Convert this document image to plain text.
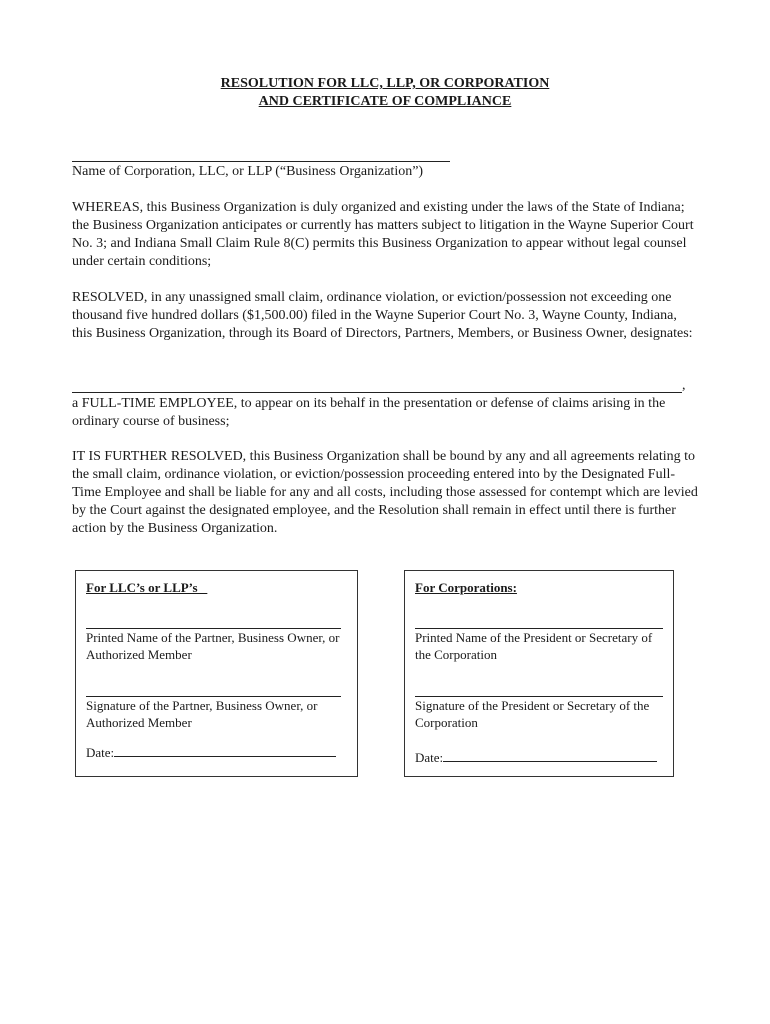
RESOLUTION FOR LLC, LLP, OR CORPORATION
AND CERTIFICATE OF COMPLIANCE
Name of Corporation, LLC, or LLP (“Business Organization”)
WHEREAS, this Business Organization is duly organized and existing under the laws of the State of Indiana; the Business Organization anticipates or currently has matters subject to litigation in the Wayne Superior Court No. 3; and Indiana Small Claim Rule 8(C) permits this Business Organization to appear without legal counsel under certain conditions;
RESOLVED, in any unassigned small claim, ordinance violation, or eviction/possession not exceeding one thousand five hundred dollars ($1,500.00) filed in the Wayne Superior Court No. 3, Wayne County, Indiana, this Business Organization, through its Board of Directors, Partners, Members, or Business Owner, designates:
,
a FULL-TIME EMPLOYEE, to appear on its behalf in the presentation or defense of claims arising in the ordinary course of business;
IT IS FURTHER RESOLVED, this Business Organization shall be bound by any and all agreements relating to the small claim, ordinance violation, or eviction/possession proceeding entered into by the Designated Full-Time Employee and shall be liable for any and all costs, including those assessed for contempt which are levied by the Court against the designated employee, and the Resolution shall remain in effect until there is further action by the Business Organization.
For LLC’s or LLP’s
Printed Name of the Partner, Business Owner, or Authorized Member
Signature of the Partner, Business Owner, or Authorized Member
Date:
For Corporations:
Printed Name of the President or Secretary of the Corporation
Signature of the President or Secretary of the Corporation
Date:
